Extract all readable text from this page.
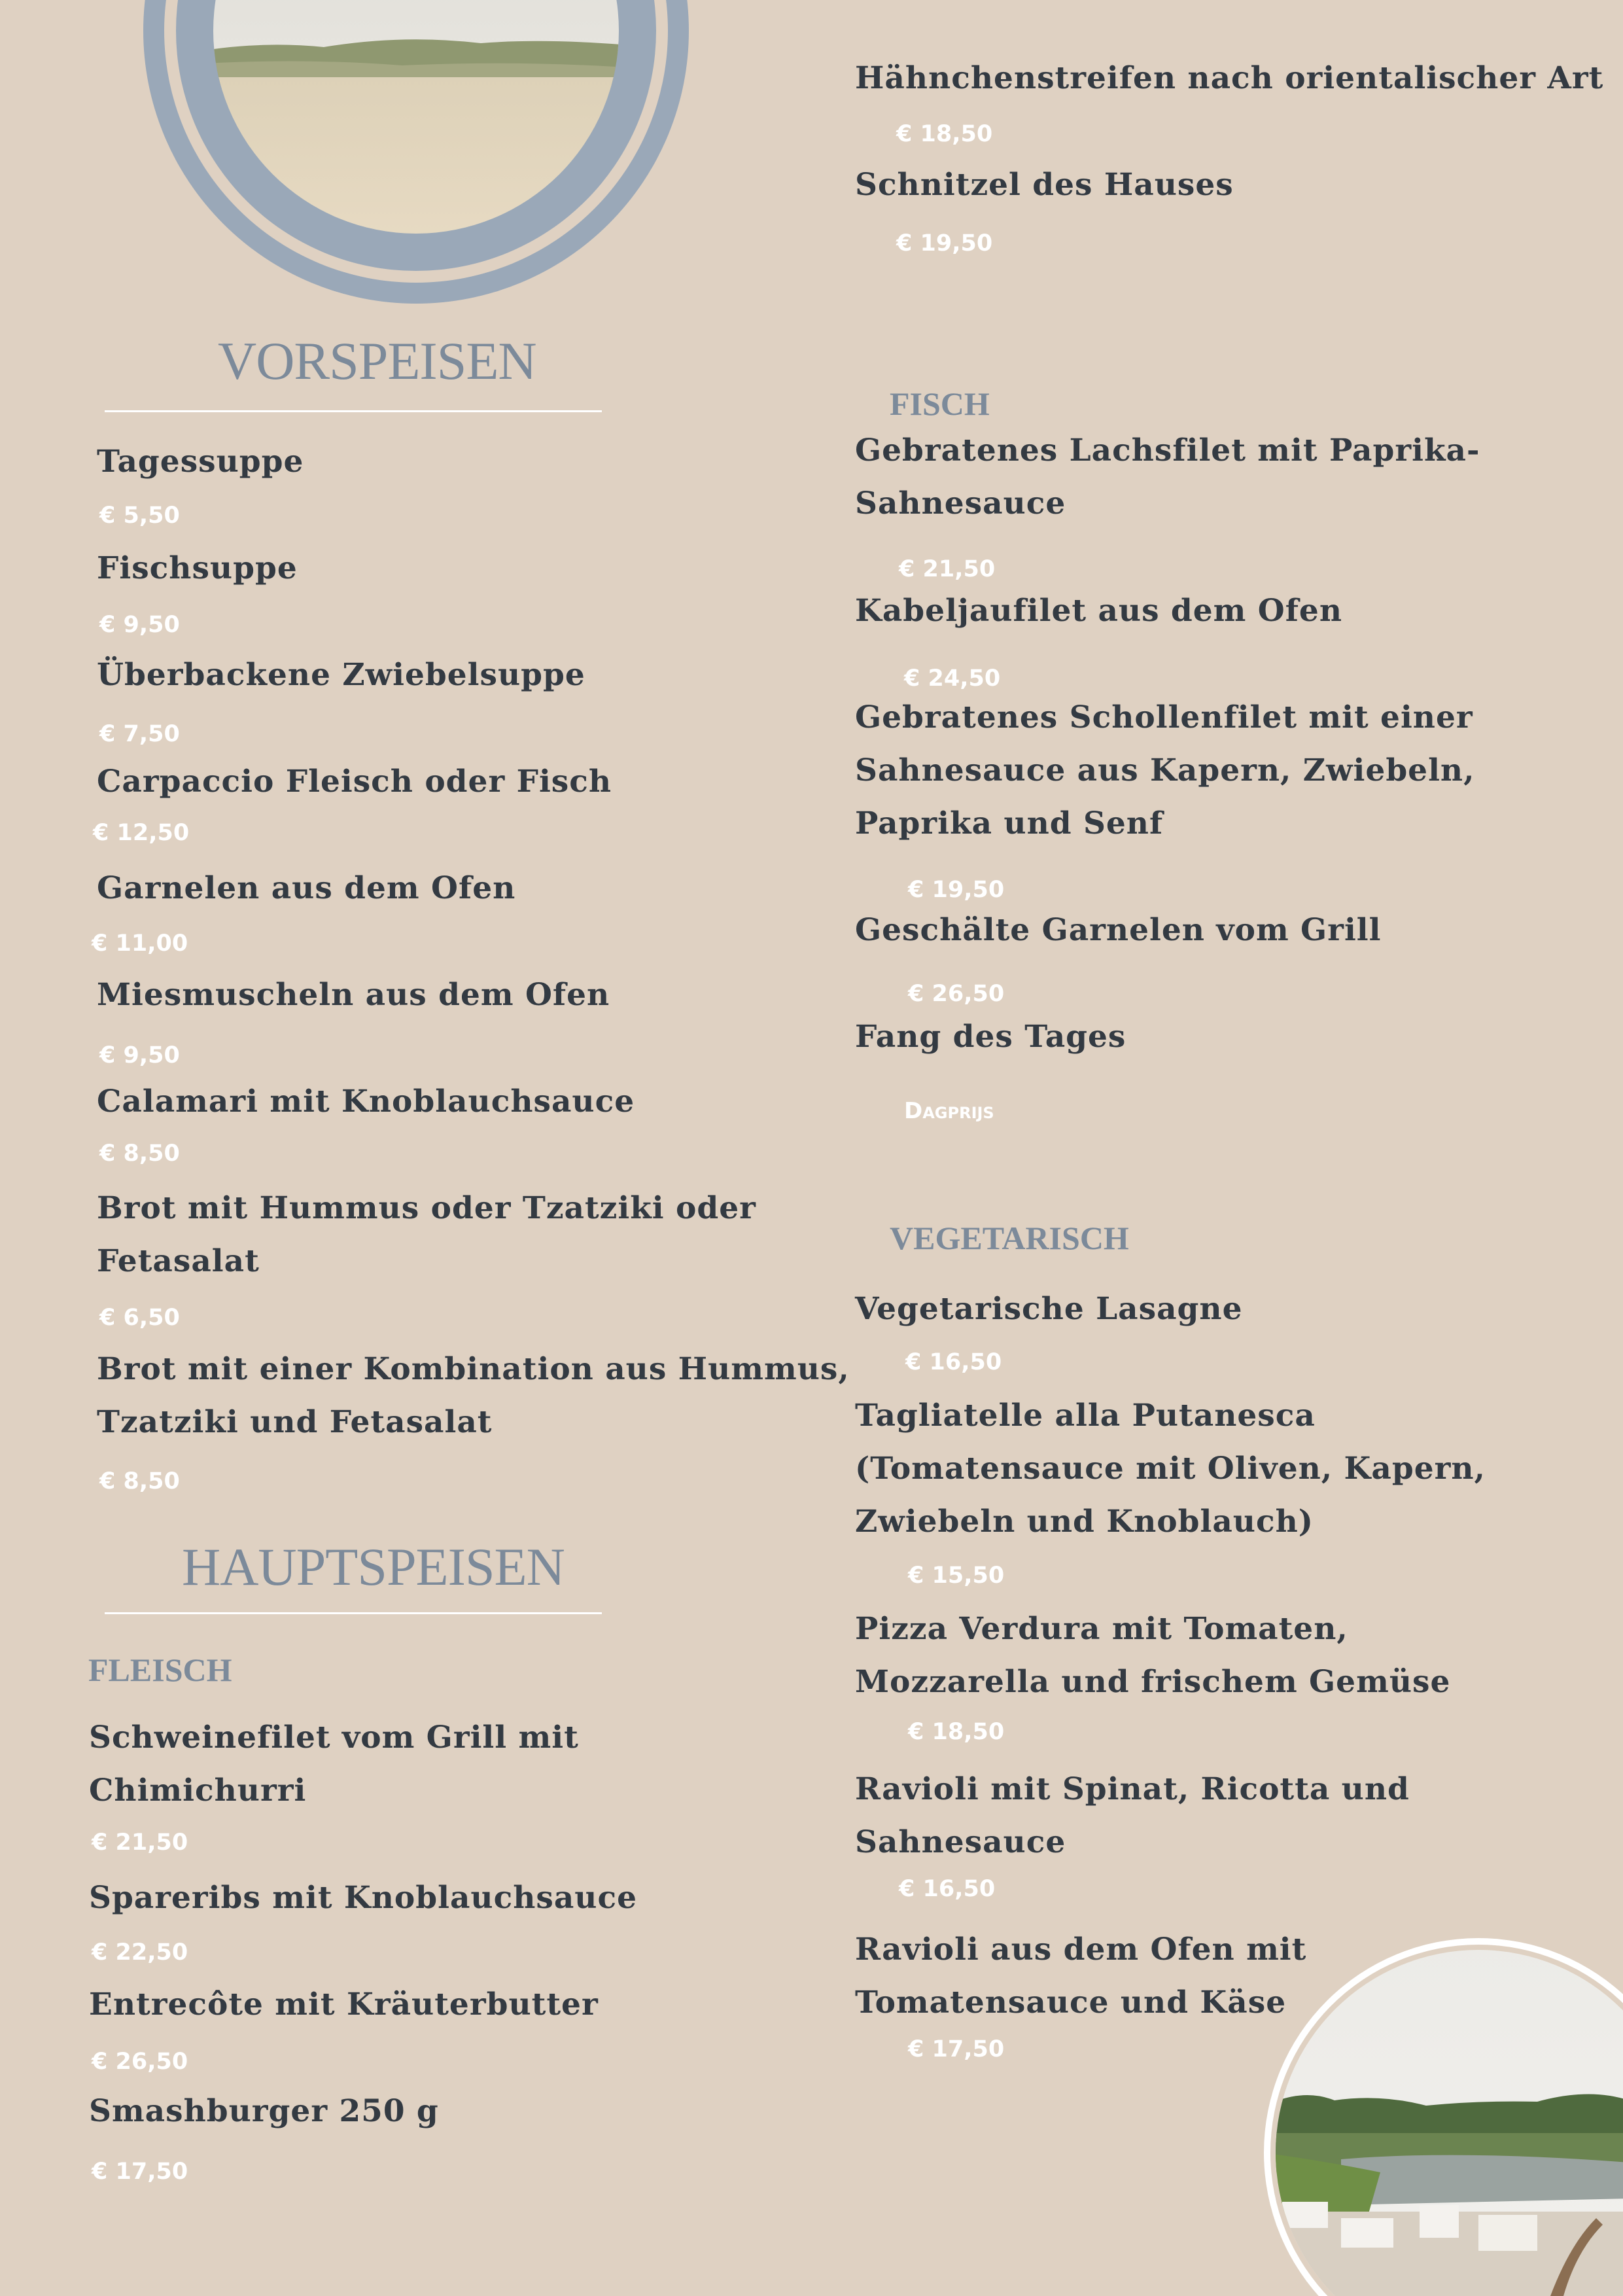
VORSPEISEN
Tagessuppe
€ 5,50
Fischsuppe
€ 9,50
Überbackene Zwiebelsuppe
€ 7,50
Carpaccio Fleisch oder Fisch
€ 12,50
Garnelen aus dem Ofen
€ 11,00
Miesmuscheln aus dem Ofen
€ 9,50
Calamari mit Knoblauchsauce
€ 8,50
Brot mit Hummus oder Tzatziki oder
Fetasalat
€ 6,50
Brot mit einer Kombination aus Hummus,
Tzatziki und Fetasalat
€ 8,50
HAUPTSPEISEN
FLEISCH
Schweinefilet vom Grill mit
Chimichurri
€ 21,50
Spareribs mit Knoblauchsauce
€ 22,50
Entrecôte mit Kräuterbutter
€ 26,50
Smashburger 250 g
€ 17,50
Hähnchenstreifen nach orientalischer Art
€ 18,50
Schnitzel des Hauses
€ 19,50
FISCH
Gebratenes Lachsfilet mit Paprika-
Sahnesauce
€ 21,50
Kabeljaufilet aus dem Ofen
€ 24,50
Gebratenes Schollenfilet mit einer
Sahnesauce aus Kapern, Zwiebeln,
Paprika und Senf
€ 19,50
Geschälte Garnelen vom Grill
€ 26,50
Fang des Tages
Dagprijs
VEGETARISCH
Vegetarische Lasagne
€ 16,50
Tagliatelle alla Putanesca
(Tomatensauce mit Oliven, Kapern,
Zwiebeln und Knoblauch)
€ 15,50
Pizza Verdura mit Tomaten,
Mozzarella und frischem Gemüse
€ 18,50
Ravioli mit Spinat, Ricotta und
Sahnesauce
€ 16,50
Ravioli aus dem Ofen mit
Tomatensauce und Käse
€ 17,50
